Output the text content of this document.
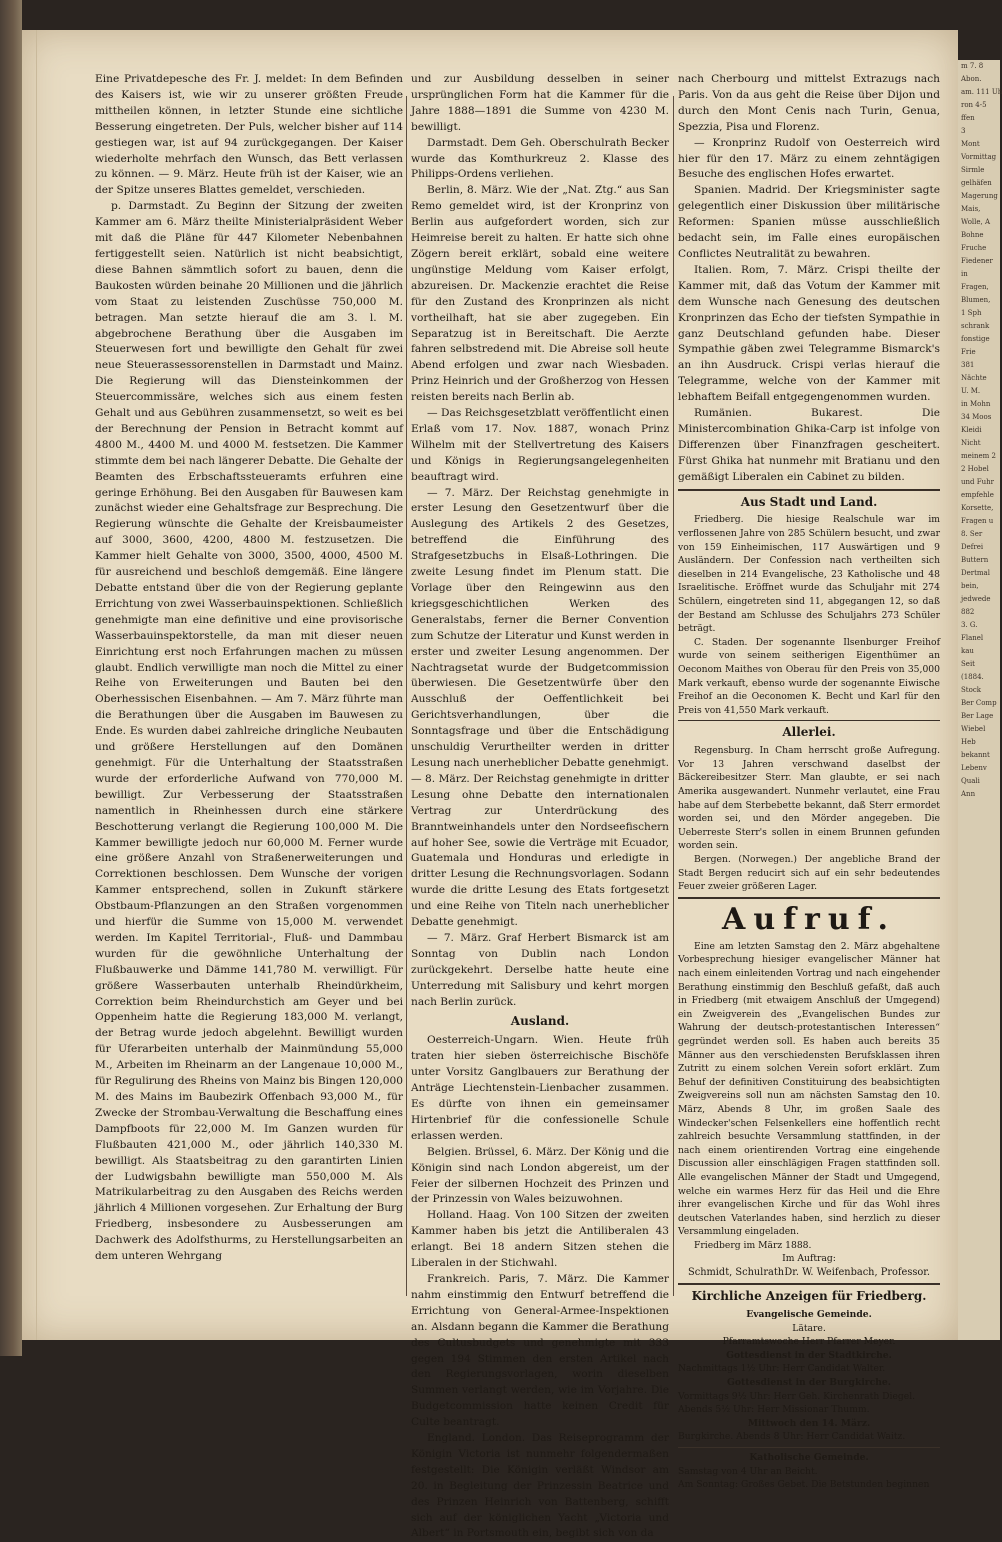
m 7. 8
Abon.
am. 111 Uh
ron 4-5
ffen
3
Mont
Vormittag
Sirmle
gelhäfen
Magerung
Mais,
Wolle, A
Bohne
Fruche
Fiedener
in
Fragen,
Blumen,
1 Sph
schrank
fonstige
Frie
381
Nächte
U. M.
in Mohn
34 Moos
Kleidi
Nicht
meinem 2
2 Hobel
und Fuhr
empfehle
Korsette,
Fragen u
8. Ser
Defrei
Buttern
Dertmal
bein,
jedwede
882
3. G.
Flanel
kau
Seit
(1884.
Stock
Ber Comp
Ber Lage
Wiebel
Heb
bekannt
Lebenv
Quali
Ann

Eine Privatdepesche des Fr. J. meldet: In dem Befinden des Kaisers ist, wie wir zu unserer größten Freude mittheilen können, in letzter Stunde eine sichtliche Besserung eingetreten. Der Puls, welcher bisher auf 114 gestiegen war, ist auf 94 zurückgegangen. Der Kaiser wiederholte mehrfach den Wunsch, das Bett verlassen zu können. — 9. März. Heute früh ist der Kaiser, wie an der Spitze unseres Blattes gemeldet, verschieden.

p. Darmstadt. Zu Beginn der Sitzung der zweiten Kammer am 6. März theilte Ministerialpräsident Weber mit daß die Pläne für 447 Kilometer Nebenbahnen fertiggestellt seien. Natürlich ist nicht beabsichtigt, diese Bahnen sämmtlich sofort zu bauen, denn die Baukosten würden beinahe 20 Millionen und die jährlich vom Staat zu leistenden Zuschüsse 750,000 M. betragen. Man setzte hierauf die am 3. l. M. abgebrochene Berathung über die Ausgaben im Steuerwesen fort und bewilligte den Gehalt für zwei neue Steuerassessorenstellen in Darmstadt und Mainz. Die Regierung will das Diensteinkommen der Steuercommissäre, welches sich aus einem festen Gehalt und aus Gebühren zusammensetzt, so weit es bei der Berechnung der Pension in Betracht kommt auf 4800 M., 4400 M. und 4000 M. festsetzen. Die Kammer stimmte dem bei nach längerer Debatte. Die Gehalte der Beamten des Erbschaftssteueramts erfuhren eine geringe Erhöhung. Bei den Ausgaben für Bauwesen kam zunächst wieder eine Gehaltsfrage zur Besprechung. Die Regierung wünschte die Gehalte der Kreisbaumeister auf 3000, 3600, 4200, 4800 M. festzusetzen. Die Kammer hielt Gehalte von 3000, 3500, 4000, 4500 M. für ausreichend und beschloß demgemäß. Eine längere Debatte entstand über die von der Regierung geplante Errichtung von zwei Wasserbauinspektionen. Schließlich genehmigte man eine definitive und eine provisorische Wasserbauinspektorstelle, da man mit dieser neuen Einrichtung erst noch Erfahrungen machen zu müssen glaubt. Endlich verwilligte man noch die Mittel zu einer Reihe von Erweiterungen und Bauten bei den Oberhessischen Eisenbahnen. — Am 7. März führte man die Berathungen über die Ausgaben im Bauwesen zu Ende. Es wurden dabei zahlreiche dringliche Neubauten und größere Herstellungen auf den Domänen genehmigt. Für die Unterhaltung der Staatsstraßen wurde der erforderliche Aufwand von 770,000 M. bewilligt. Zur Verbesserung der Staatsstraßen namentlich in Rheinhessen durch eine stärkere Beschotterung verlangt die Regierung 100,000 M. Die Kammer bewilligte jedoch nur 60,000 M. Ferner wurde eine größere Anzahl von Straßenerweiterungen und Correktionen beschlossen. Dem Wunsche der vorigen Kammer entsprechend, sollen in Zukunft stärkere Obstbaum-Pflanzungen an den Straßen vorgenommen und hierfür die Summe von 15,000 M. verwendet werden. Im Kapitel Territorial-, Fluß- und Dammbau wurden für die gewöhnliche Unterhaltung der Flußbauwerke und Dämme 141,780 M. verwilligt. Für größere Wasserbauten unterhalb Rheindürkheim, Correktion beim Rheindurchstich am Geyer und bei Oppenheim hatte die Regierung 183,000 M. verlangt, der Betrag wurde jedoch abgelehnt. Bewilligt wurden für Uferarbeiten unterhalb der Mainmündung 55,000 M., Arbeiten im Rheinarm an der Langenaue 10,000 M., für Regulirung des Rheins von Mainz bis Bingen 120,000 M. des Mains im Baubezirk Offenbach 93,000 M., für Zwecke der Strombau-Verwaltung die Beschaffung eines Dampfboots für 22,000 M. Im Ganzen wurden für Flußbauten 421,000 M., oder jährlich 140,330 M. bewilligt. Als Staatsbeitrag zu den garantirten Linien der Ludwigsbahn bewilligte man 550,000 M. Als Matrikularbeitrag zu den Ausgaben des Reichs werden jährlich 4 Millionen vorgesehen. Zur Erhaltung der Burg Friedberg, insbesondere zu Ausbesserungen am Dachwerk des Adolfsthurms, zu Herstellungsarbeiten an dem unteren Wehrgang

und zur Ausbildung desselben in seiner ursprünglichen Form hat die Kammer für die Jahre 1888—1891 die Summe von 4230 M. bewilligt.

Darmstadt. Dem Geh. Oberschulrath Becker wurde das Komthurkreuz 2. Klasse des Philipps-Ordens verliehen.

Berlin, 8. März. Wie der „Nat. Ztg.“ aus San Remo gemeldet wird, ist der Kronprinz von Berlin aus aufgefordert worden, sich zur Heimreise bereit zu halten. Er hatte sich ohne Zögern bereit erklärt, sobald eine weitere ungünstige Meldung vom Kaiser erfolgt, abzureisen. Dr. Mackenzie erachtet die Reise für den Zustand des Kronprinzen als nicht vortheilhaft, hat sie aber zugegeben. Ein Separatzug ist in Bereitschaft. Die Aerzte fahren selbstredend mit. Die Abreise soll heute Abend erfolgen und zwar nach Wiesbaden. Prinz Heinrich und der Großherzog von Hessen reisten bereits nach Berlin ab.

— Das Reichsgesetzblatt veröffentlicht einen Erlaß vom 17. Nov. 1887, wonach Prinz Wilhelm mit der Stellvertretung des Kaisers und Königs in Regierungsangelegenheiten beauftragt wird.

— 7. März. Der Reichstag genehmigte in erster Lesung den Gesetzentwurf über die Auslegung des Artikels 2 des Gesetzes, betreffend die Einführung des Strafgesetzbuchs in Elsaß-Lothringen. Die zweite Lesung findet im Plenum statt. Die Vorlage über den Reingewinn aus den kriegsgeschichtlichen Werken des Generalstabs, ferner die Berner Convention zum Schutze der Literatur und Kunst werden in erster und zweiter Lesung angenommen. Der Nachtragsetat wurde der Budgetcommission überwiesen. Die Gesetzentwürfe über den Ausschluß der Oeffentlichkeit bei Gerichtsverhandlungen, über die Sonntagsfrage und über die Entschädigung unschuldig Verurtheilter werden in dritter Lesung nach unerheblicher Debatte genehmigt. — 8. März. Der Reichstag genehmigte in dritter Lesung ohne Debatte den internationalen Vertrag zur Unterdrückung des Branntweinhandels unter den Nordseefischern auf hoher See, sowie die Verträge mit Ecuador, Guatemala und Honduras und erledigte in dritter Lesung die Rechnungsvorlagen. Sodann wurde die dritte Lesung des Etats fortgesetzt und eine Reihe von Titeln nach unerheblicher Debatte genehmigt.

— 7. März. Graf Herbert Bismarck ist am Sonntag von Dublin nach London zurückgekehrt. Derselbe hatte heute eine Unterredung mit Salisbury und kehrt morgen nach Berlin zurück.

Ausland.

Oesterreich-Ungarn. Wien. Heute früh traten hier sieben österreichische Bischöfe unter Vorsitz Ganglbauers zur Berathung der Anträge Liechtenstein-Lienbacher zusammen. Es dürfte von ihnen ein gemeinsamer Hirtenbrief für die confessionelle Schule erlassen werden.

Belgien. Brüssel, 6. März. Der König und die Königin sind nach London abgereist, um der Feier der silbernen Hochzeit des Prinzen und der Prinzessin von Wales beizuwohnen.

Holland. Haag. Von 100 Sitzen der zweiten Kammer haben bis jetzt die Antiliberalen 43 erlangt. Bei 18 andern Sitzen stehen die Liberalen in der Stichwahl.

Frankreich. Paris, 7. März. Die Kammer nahm einstimmig den Entwurf betreffend die Errichtung von General-Armee-Inspektionen an. Alsdann begann die Kammer die Berathung des Cultusbudgets und genehmigte mit 333 gegen 194 Stimmen den ersten Artikel nach den Regierungsvorlagen, worin dieselben Summen verlangt werden, wie im Vorjahre. Die Budgetcommission hatte keinen Credit für Culte beantragt.

England. London. Das Reiseprogramm der Königin Victoria ist nunmehr folgendermaßen festgestellt: Die Königin verläßt Windsor am 20. in Begleitung der Prinzessin Beatrice und des Prinzen Heinrich von Battenberg, schifft sich auf der königlichen Yacht „Victoria und Albert“ in Portsmouth ein, begibt sich von da

nach Cherbourg und mittelst Extrazugs nach Paris. Von da aus geht die Reise über Dijon und durch den Mont Cenis nach Turin, Genua, Spezzia, Pisa und Florenz.

— Kronprinz Rudolf von Oesterreich wird hier für den 17. März zu einem zehntägigen Besuche des englischen Hofes erwartet.

Spanien. Madrid. Der Kriegsminister sagte gelegentlich einer Diskussion über militärische Reformen: Spanien müsse ausschließlich bedacht sein, im Falle eines europäischen Conflictes Neutralität zu bewahren.

Italien. Rom, 7. März. Crispi theilte der Kammer mit, daß das Votum der Kammer mit dem Wunsche nach Genesung des deutschen Kronprinzen das Echo der tiefsten Sympathie in ganz Deutschland gefunden habe. Dieser Sympathie gäben zwei Telegramme Bismarck's an ihn Ausdruck. Crispi verlas hierauf die Telegramme, welche von der Kammer mit lebhaftem Beifall entgegengenommen wurden.

Rumänien. Bukarest. Die Ministercombination Ghika-Carp ist infolge von Differenzen über Finanzfragen gescheitert. Fürst Ghika hat nunmehr mit Bratianu und den gemäßigt Liberalen ein Cabinet zu bilden.

Aus Stadt und Land.

Friedberg. Die hiesige Realschule war im verflossenen Jahre von 285 Schülern besucht, und zwar von 159 Einheimischen, 117 Auswärtigen und 9 Ausländern. Der Confession nach vertheilten sich dieselben in 214 Evangelische, 23 Katholische und 48 Israelitische. Eröffnet wurde das Schuljahr mit 274 Schülern, eingetreten sind 11, abgegangen 12, so daß der Bestand am Schlusse des Schuljahrs 273 Schüler beträgt.

C. Staden. Der sogenannte Ilsenburger Freihof wurde von seinem seitherigen Eigenthümer an Oeconom Maithes von Oberau für den Preis von 35,000 Mark verkauft, ebenso wurde der sogenannte Eiwische Freihof an die Oeconomen K. Becht und Karl für den Preis von 41,550 Mark verkauft.

Allerlei.

Regensburg. In Cham herrscht große Aufregung. Vor 13 Jahren verschwand daselbst der Bäckereibesitzer Sterr. Man glaubte, er sei nach Amerika ausgewandert. Nunmehr verlautet, eine Frau habe auf dem Sterbebette bekannt, daß Sterr ermordet worden sei, und den Mörder angegeben. Die Ueberreste Sterr's sollen in einem Brunnen gefunden worden sein.

Bergen. (Norwegen.) Der angebliche Brand der Stadt Bergen reducirt sich auf ein sehr bedeutendes Feuer zweier größeren Lager.

Aufruf.

Eine am letzten Samstag den 2. März abgehaltene Vorbesprechung hiesiger evangelischer Männer hat nach einem einleitenden Vortrag und nach eingehender Berathung einstimmig den Beschluß gefaßt, daß auch in Friedberg (mit etwaigem Anschluß der Umgegend) ein Zweigverein des „Evangelischen Bundes zur Wahrung der deutsch-protestantischen Interessen“ gegründet werden soll. Es haben auch bereits 35 Männer aus den verschiedensten Berufsklassen ihren Zutritt zu einem solchen Verein sofort erklärt. Zum Behuf der definitiven Constituirung des beabsichtigten Zweigvereins soll nun am nächsten Samstag den 10. März, Abends 8 Uhr, im großen Saale des Windecker'schen Felsenkellers eine hoffentlich recht zahlreich besuchte Versammlung stattfinden, in der nach einem orientirenden Vortrag eine eingehende Discussion aller einschlägigen Fragen stattfinden soll. Alle evangelischen Männer der Stadt und Umgegend, welche ein warmes Herz für das Heil und die Ehre ihrer evangelischen Kirche und für das Wohl ihres deutschen Vaterlandes haben, sind herzlich zu dieser Versammlung eingeladen.

Friedberg im März 1888.

Im Auftrag:
Schmidt, Schulrath Dr. W. Weifenbach, Professor.
Kirchliche Anzeigen für Friedberg.
Evangelische Gemeinde.
Lätare.
Pfarramtswoche Herr Pfarrer Meyer.
Gottesdienst in der Stadtkirche.
Nachmittags 1½ Uhr: Herr Candidat Walter.
Gottesdienst in der Burgkirche.
Vormittags 9½ Uhr: Herr Geh. Kirchenrath Diegel.
Abends 5½ Uhr: Herr Missionar Thumm.
Mittwoch den 14. März.
Burgkirche. Abends 8 Uhr: Herr Candidat Waitz.
Katholische Gemeinde.
Samstag von 4 Uhr an Beicht.
Am Sonntag: Großes Gebet. Die Betstunden beginnen
